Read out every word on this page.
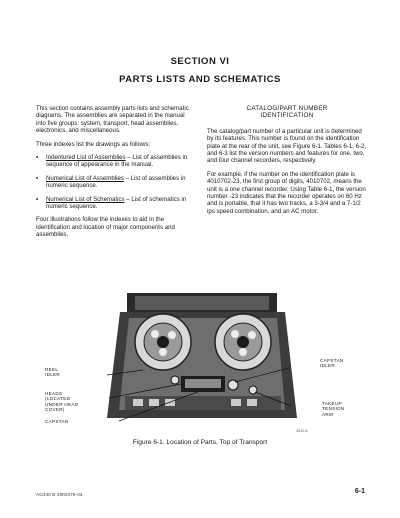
SECTION VI
PARTS LISTS AND SCHEMATICS

This section contains assembly parts lists and schematic diagrams. The assemblies are separated in the manual into five groups: system, transport, head assemblies, electronics, and miscellaneous.

Three indexes list the drawings as follows:

• Indentured List of Assemblies – List of assemblies in sequence of appearance in the manual.

• Numerical List of Assemblies – List of assemblies in numeric sequence.

• Numerical List of Schematics – List of schematics in numeric sequence.

Four illustrations follow the indexes to aid in the identification and location of major components and assemblies.

CATALOG/PART NUMBER
IDENTIFICATION

The catalog/part number of a particular unit is determined by its features. This number is found on the identification plate at the rear of the unit, see Figure 6-1. Tables 6-1, 6-2, and 6-3 list the version numbers and features for one, two, and four channel recorders, respectively.

For example, if the number on the identification plate is 4010702-23, the first group of digits, 4010702, means the unit is a one channel recorder. Using Table 6-1, the version number -23 indicates that the recorder operates on 60 Hz and is portable, that it has two tracks, a 3-3/4 and a 7-1/2 ips speed combination, and an AC motor.

REEL
IDLER
HEADS
(LOCATED
UNDER HEAD
COVER)
CAPSTAN
CAPSTAN
IDLER
TAKEUP
TENSION
ARM
1011-6
Figure 6-1. Location of Parts, Top of Transport
AG440 B 4800379-03
6-1
